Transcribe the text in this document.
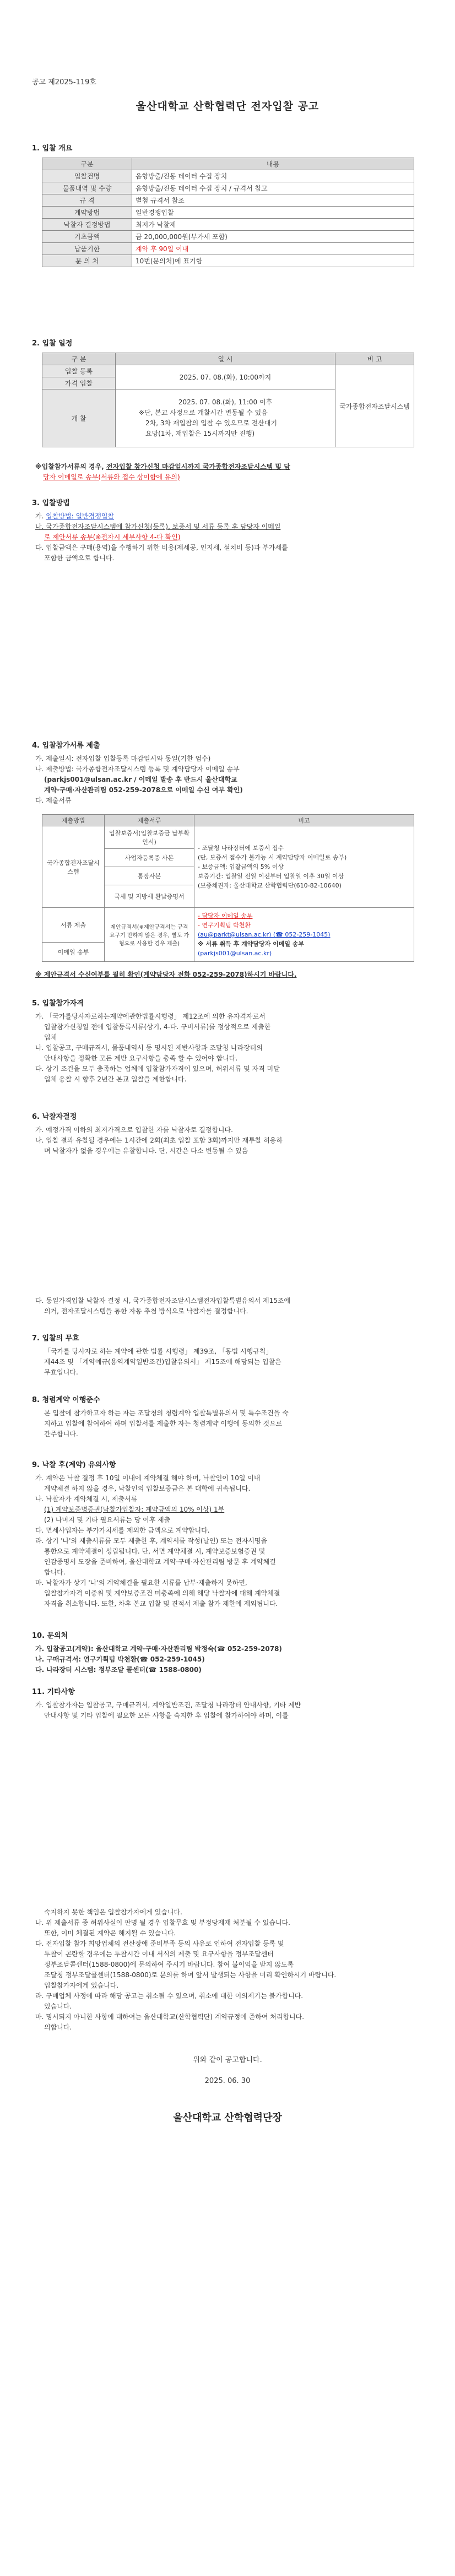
공고 제2025-119호
울산대학교 산학협력단 전자입찰 공고
1. 입찰 개요
구분	내용
입찰건명	음향방출/진동 데이터 수집 장치
물품내역 및 수량	음향방출/진동 데이터 수집 장치 / 규격서 참고
규 격	별첨 규격서 참조
계약방법	일반경쟁입찰
낙찰자 결정방법	최저가 낙찰제
기초금액	금 20,000,000원(부가세 포함)
납품기한	계약 후 90일 이내
문 의 처	10번(문의처)에 표기함
2. 입찰 일정
구 분	일 시	비 고
입찰 등록	2025. 07. 08.(화), 10:00까지	국가종합전자조달시스템
가격 입찰		
개 찰	2025. 07. 08.(화), 11:00 이후
※단, 본교 사정으로 개찰시간 변동될 수 있음
2차, 3차 재입찰의 입찰 수 있으므로 전산대기
요망(1차, 재입찰은 15시까지만 진행)	
※입찰참가서류의 경우, 전자입찰 참가신청 마감일시까지 국가종합전자조달시스템 및 담
당자 이메일로 송부(서류와 접수 상이함에 유의)
3. 입찰방법
가. 입찰방법: 일반경쟁입찰
나. 국가종합전자조달시스템에 참가신청(등록), 보증서 및 서류 등록 후 담당자 이메일
로 제안서류 송부(※전자시 세부사항 4-다 확인)
다. 입찰금액은 구매(용역)을 수행하기 위한 비용(제세공, 인지세, 설치비 등)과 부가세를
포함한 금액으로 합니다.
4. 입찰참가서류 제출
가. 제출일시: 전자입찰 입찰등록 마감일시와 동일(기한 엄수)
나. 제출방법: 국가종합전자조달시스템 등록 및 계약담당자 이메일 송부
(parkjs001@ulsan.ac.kr / 이메일 발송 후 반드시 울산대학교
계약·구매·자산관리팀 052-259-2078으로 이메일 수신 여부 확인)
다. 제출서류
제출방법	제출서류	비고
국가종합전자조달시스템	입찰보증서(입찰보증금 납부확인서)	- 조달청 나라장터에 보증서 접수
(단, 보증서 접수가 불가능 시 계약담당자 이메일로 송부)
- 보증금액: 입찰금액의 5% 이상
보증기간: 입찰일 전일 이전부터 입찰일 이후 30일 이상
(보증채권자: 울산대학교 산학협력단(610-82-10640)

	사업자등록증 사본	
	통장사본	
	국세 및 지방세 완납증명서	
서류 제출	제안규격서(※제안규격서는 규격 요구기 만하지 않은 경우, 별도 가형으로 사용할 경우 제출)	- 담당자 이메일 송부
- 연구기획팀 박천환
(au@parkt@ulsan.ac.kr) (☎ 052-259-1045)
※ 서류 취득 후 계약담당자 이메일 송부
(parkjs001@ulsan.ac.kr)

이메일 송부		
※ 제안규격서 수신여부를 필히 확인(계약담당자 전화 052-259-2078)하시기 바랍니다.
5. 입찰참가자격
가. 「국가를당사자로하는계약에관한법률시행령」 제12조에 의한 유자격자로서
입찰참가신청일 전에 입찰등록서류(상기, 4-다. 구비서류)를 정상적으로 제출한
업체
나. 입찰공고, 구매규격서, 물품내역서 등 명시된 제반사항과 조달청 나라장터의
안내사항을 정확한 모든 제반 요구사항을 충족 할 수 있어야 합니다.
다. 상기 조건을 모두 충족하는 업체에 입찰참가자격이 있으며, 허위서류 및 자격 미달
업체 응찰 시 향후 2년간 본교 입찰을 제한합니다.
6. 낙찰자결정
가. 예정가격 이하의 최저가격으로 입찰한 자를 낙찰자로 결정합니다.
나. 입찰 결과 유찰될 경우에는 1시간에 2회(최초 입찰 포함 3회)까지만 재투찰 허용하
며 낙찰자가 없을 경우에는 유찰합니다. 단, 시간은 다소 변동될 수 있음
다. 동일가격입찰 낙찰자 결정 시, 국가종합전자조달시스템전자입찰특별유의서 제15조에
의거, 전자조달시스템을 통한 자동 추첨 방식으로 낙찰자를 결정합니다.
7. 입찰의 무효
「국가를 당사자로 하는 계약에 관한 법률 시행령」 제39조, 「동법 시행규칙」
제44조 및 「계약예규(용역계약일반조건)입찰유의서」 제15조에 해당되는 입찰은
무효입니다.
8. 청렴계약 이행준수
본 입찰에 참가하고자 하는 자는 조달청의 청렴계약 입찰특별유의서 및 특수조건을 숙
지하고 입찰에 참여하여 하며 입찰서를 제출한 자는 청렴계약 이행에 동의한 것으로
간주합니다.
9. 낙찰 후(계약) 유의사항
가. 계약은 낙찰 결정 후 10일 이내에 계약체결 해야 하며, 낙찰인이 10일 이내
계약체결 하지 않을 경우, 낙찰인의 입찰보증금은 본 대학에 귀속됩니다.
나. 낙찰자가 계약체결 시, 제출서류
(1) 계약보증명증권(낙찰가입찰자: 계약금액의 10% 이상) 1부
(2) 나머지 및 기타 필요서류는 당 이후 제출
다. 면세사업자는 부가가치세를 제외한 금액으로 계약합니다.
라. 상기 '나'의 제출서류를 모두 제출한 후, 계약서를 작성(날인) 또는 전자서명을
통한으로 계약체결이 성립됩니다. 단, 서면 계약체결 시, 계약보증보험증권 및
인감증명서 도장을 준비하여, 울산대학교 계약·구매·자산관리팀 방문 후 계약체결
합니다.
마. 낙찰자가 상기 '나'의 계약체결을 필요한 서류를 납부·제출하지 못하면,
입찰참가자격 이중취 및 계약보증조건 미충족에 의해 해당 낙찰자에 대해 계약체결
자격을 취소합니다. 또한, 차후 본교 입찰 및 견적서 제출 참가 제한에 제외됩니다.
10. 문의처
가. 입찰공고(계약): 울산대학교 계약·구매·자산관리팀 박정숙(☎ 052-259-2078)
나. 구매규격서: 연구기획팀 박천환(☎ 052-259-1045)
다. 나라장터 시스템: 정부조달 콜센터(☎ 1588-0800)
11. 기타사항
가. 입찰참가자는 입찰공고, 구매규격서, 계약일반조건, 조달청 나라장터 안내사항, 기타 제반
안내사항 및 기타 입찰에 필요한 모든 사항을 숙지한 후 입찰에 참가하여야 하며, 이를
숙지하지 못한 책임은 입찰참가자에게 있습니다.
나. 위 제출서류 중 허위사실이 판명 될 경우 입찰무효 및 부정당제재 처분될 수 있습니다.
또한, 이미 체결된 계약은 해지될 수 있습니다.
다. 전자입찰 참가 희망업체의 전산장애 준비부족 등의 사유로 인하여 전자입찰 등록 및
투찰이 곤란할 경우에는 투찰시간 이내 서식의 제출 및 요구사항을 정부조달센터
정부조달콜센터(1588-0800)에 문의하여 주시기 바랍니다. 참여 불이익을 받지 않도록
조달청 정부조달콜센터(1588-0800)로 문의를 하여 앞서 발생되는 사항을 미리 확인하시기 바랍니다.
입찰참가자에게 있습니다.
라. 구매업체 사정에 따라 해당 공고는 취소될 수 있으며, 취소에 대한 이의제기는 불가합니다.
있습니다.
마. 명시되지 아니한 사항에 대하여는 울산대학교(산학협력단) 계약규정에 준하여 처리합니다.
의합니다.
위와 같이 공고합니다.
2025. 06. 30
울산대학교 산학협력단장
